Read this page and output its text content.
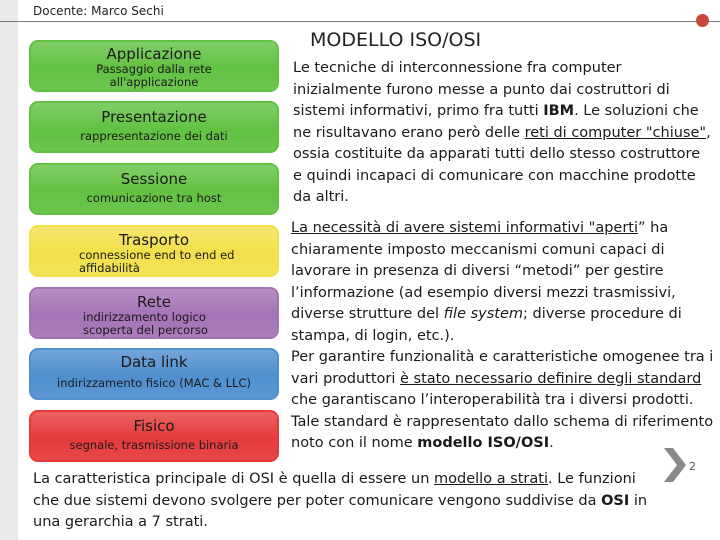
Docente: Marco Sechi
MODELLO ISO/OSI
Applicazione
Passaggio dalla rete all'applicazione
Presentazione
rappresentazione dei dati
Sessione
comunicazione tra host
Trasporto
connessione end to end ed affidabilità
Rete
indirizzamento logico scoperta del percorso
Data link
indirizzamento fisico (MAC & LLC)
Fisico
segnale, trasmissione binaria

Le tecniche di interconnessione fra computer inizialmente furono messe a punto dai costruttori di sistemi informativi, primo fra tutti IBM. Le soluzioni che ne risultavano erano però delle reti di computer "chiuse", ossia costituite da apparati tutti dello stesso costruttore e quindi incapaci di comunicare con macchine prodotte da altri.

La necessità di avere sistemi informativi "aperti” ha chiaramente imposto meccanismi comuni capaci di lavorare in presenza di diversi “metodi” per gestire l’informazione (ad esempio diversi mezzi trasmissivi, diverse strutture del file system; diverse procedure di stampa, di login, etc.).

Per garantire funzionalità e caratteristiche omogenee tra i vari produttori è stato necessario definire degli standard che garantiscano l’interoperabilità tra i diversi prodotti. Tale standard è rappresentato dallo schema di riferimento noto con il nome modello ISO/OSI.

La caratteristica principale di OSI è quella di essere un modello a strati. Le funzioni che due sistemi devono svolgere per poter comunicare vengono suddivise da OSI in una gerarchia a 7 strati.

2
